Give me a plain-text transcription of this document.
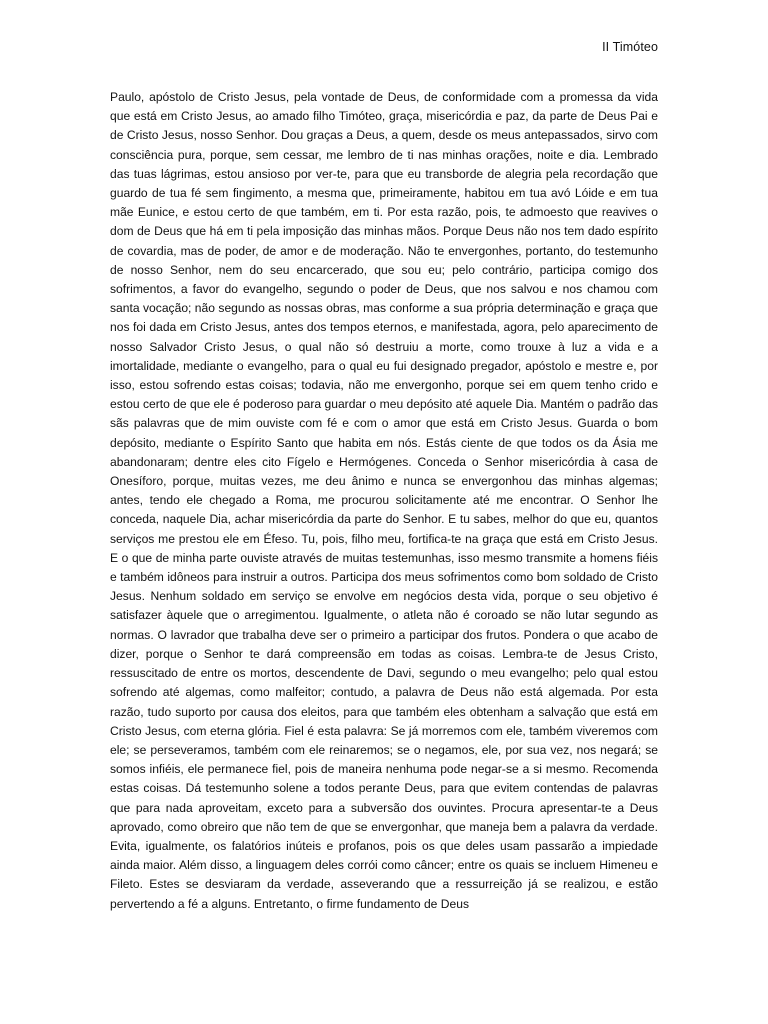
II Timóteo

Paulo, apóstolo de Cristo Jesus, pela vontade de Deus, de conformidade com a promessa da vida que está em Cristo Jesus, ao amado filho Timóteo, graça, misericórdia e paz, da parte de Deus Pai e de Cristo Jesus, nosso Senhor. Dou graças a Deus, a quem, desde os meus antepassados, sirvo com consciência pura, porque, sem cessar, me lembro de ti nas minhas orações, noite e dia. Lembrado das tuas lágrimas, estou ansioso por ver-te, para que eu transborde de alegria pela recordação que guardo de tua fé sem fingimento, a mesma que, primeiramente, habitou em tua avó Lóide e em tua mãe Eunice, e estou certo de que também, em ti. Por esta razão, pois, te admoesto que reavives o dom de Deus que há em ti pela imposição das minhas mãos. Porque Deus não nos tem dado espírito de covardia, mas de poder, de amor e de moderação. Não te envergonhes, portanto, do testemunho de nosso Senhor, nem do seu encarcerado, que sou eu; pelo contrário, participa comigo dos sofrimentos, a favor do evangelho, segundo o poder de Deus, que nos salvou e nos chamou com santa vocação; não segundo as nossas obras, mas conforme a sua própria determinação e graça que nos foi dada em Cristo Jesus, antes dos tempos eternos, e manifestada, agora, pelo aparecimento de nosso Salvador Cristo Jesus, o qual não só destruiu a morte, como trouxe à luz a vida e a imortalidade, mediante o evangelho, para o qual eu fui designado pregador, apóstolo e mestre e, por isso, estou sofrendo estas coisas; todavia, não me envergonho, porque sei em quem tenho crido e estou certo de que ele é poderoso para guardar o meu depósito até aquele Dia. Mantém o padrão das sãs palavras que de mim ouviste com fé e com o amor que está em Cristo Jesus. Guarda o bom depósito, mediante o Espírito Santo que habita em nós. Estás ciente de que todos os da Ásia me abandonaram; dentre eles cito Fígelo e Hermógenes. Conceda o Senhor misericórdia à casa de Onesíforo, porque, muitas vezes, me deu ânimo e nunca se envergonhou das minhas algemas; antes, tendo ele chegado a Roma, me procurou solicitamente até me encontrar. O Senhor lhe conceda, naquele Dia, achar misericórdia da parte do Senhor. E tu sabes, melhor do que eu, quantos serviços me prestou ele em Éfeso. Tu, pois, filho meu, fortifica-te na graça que está em Cristo Jesus. E o que de minha parte ouviste através de muitas testemunhas, isso mesmo transmite a homens fiéis e também idôneos para instruir a outros. Participa dos meus sofrimentos como bom soldado de Cristo Jesus. Nenhum soldado em serviço se envolve em negócios desta vida, porque o seu objetivo é satisfazer àquele que o arregimentou. Igualmente, o atleta não é coroado se não lutar segundo as normas. O lavrador que trabalha deve ser o primeiro a participar dos frutos. Pondera o que acabo de dizer, porque o Senhor te dará compreensão em todas as coisas. Lembra-te de Jesus Cristo, ressuscitado de entre os mortos, descendente de Davi, segundo o meu evangelho; pelo qual estou sofrendo até algemas, como malfeitor; contudo, a palavra de Deus não está algemada. Por esta razão, tudo suporto por causa dos eleitos, para que também eles obtenham a salvação que está em Cristo Jesus, com eterna glória. Fiel é esta palavra: Se já morremos com ele, também viveremos com ele; se perseveramos, também com ele reinaremos; se o negamos, ele, por sua vez, nos negará; se somos infiéis, ele permanece fiel, pois de maneira nenhuma pode negar-se a si mesmo. Recomenda estas coisas. Dá testemunho solene a todos perante Deus, para que evitem contendas de palavras que para nada aproveitam, exceto para a subversão dos ouvintes. Procura apresentar-te a Deus aprovado, como obreiro que não tem de que se envergonhar, que maneja bem a palavra da verdade. Evita, igualmente, os falatórios inúteis e profanos, pois os que deles usam passarão a impiedade ainda maior. Além disso, a linguagem deles corrói como câncer; entre os quais se incluem Himeneu e Fileto. Estes se desviaram da verdade, asseverando que a ressurreição já se realizou, e estão pervertendo a fé a alguns. Entretanto, o firme fundamento de Deus
